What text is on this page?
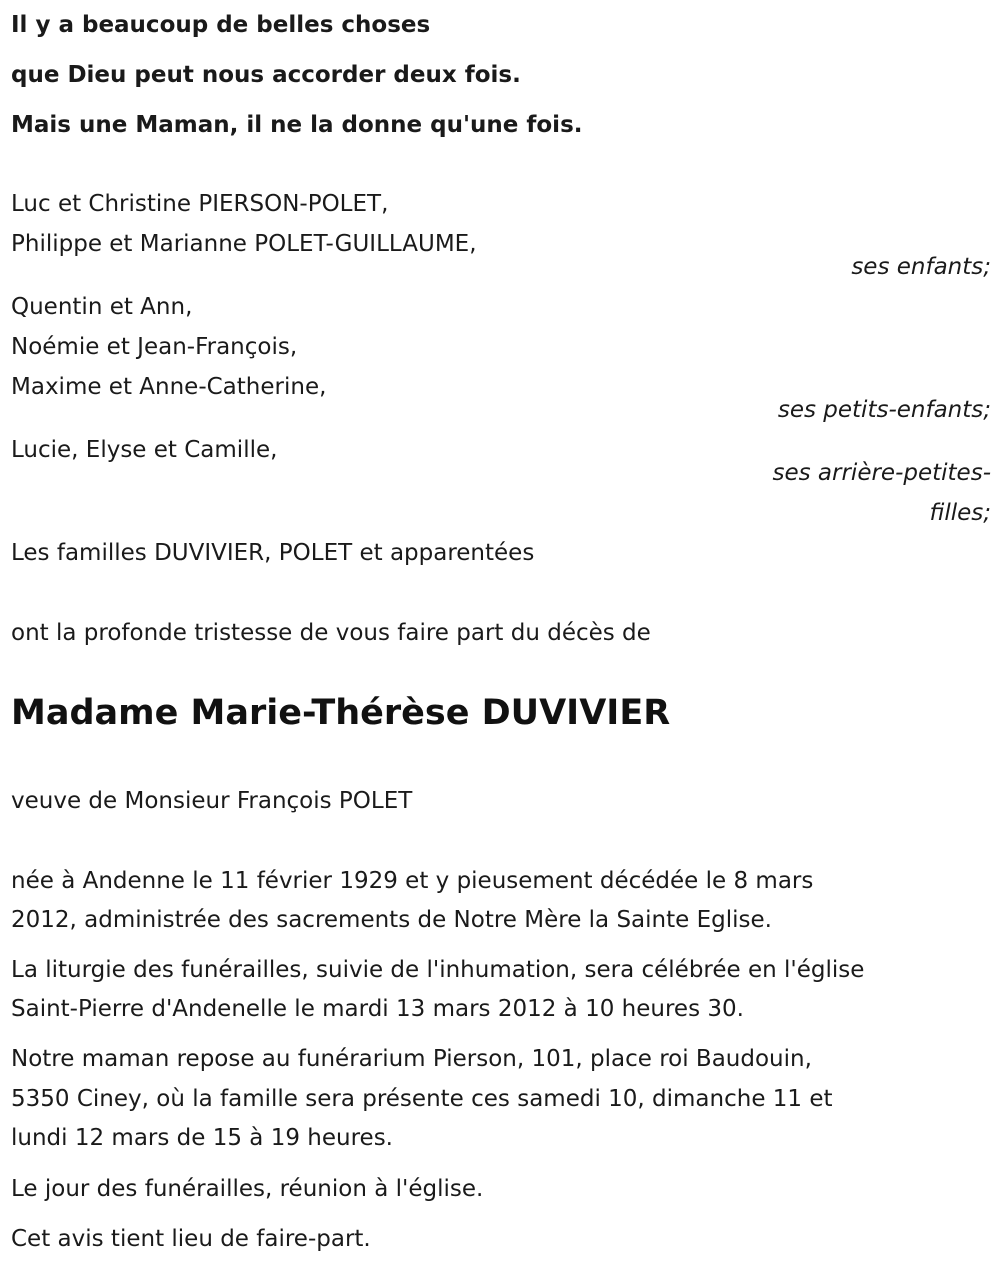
Il y a beaucoup de belles choses
que Dieu peut nous accorder deux fois.
Mais une Maman, il ne la donne qu'une fois.
Luc et Christine PIERSON-POLET,
Philippe et Marianne POLET-GUILLAUME,
ses enfants;
Quentin et Ann,
Noémie et Jean-François,
Maxime et Anne-Catherine,
ses petits-enfants;
Lucie, Elyse et Camille,
ses arrière-petites-
filles;
Les familles DUVIVIER, POLET et apparentées
ont la profonde tristesse de vous faire part du décès de
Madame Marie-Thérèse DUVIVIER
veuve de Monsieur François POLET
née à Andenne le 11 février 1929 et y pieusement décédée le 8 mars
2012, administrée des sacrements de Notre Mère la Sainte Eglise.
La liturgie des funérailles, suivie de l'inhumation, sera célébrée en l'église
Saint-Pierre d'Andenelle le mardi 13 mars 2012 à 10 heures 30.
Notre maman repose au funérarium Pierson, 101, place roi Baudouin,
5350 Ciney, où la famille sera présente ces samedi 10, dimanche 11 et
lundi 12 mars de 15 à 19 heures.
Le jour des funérailles, réunion à l'église.
Cet avis tient lieu de faire-part.
